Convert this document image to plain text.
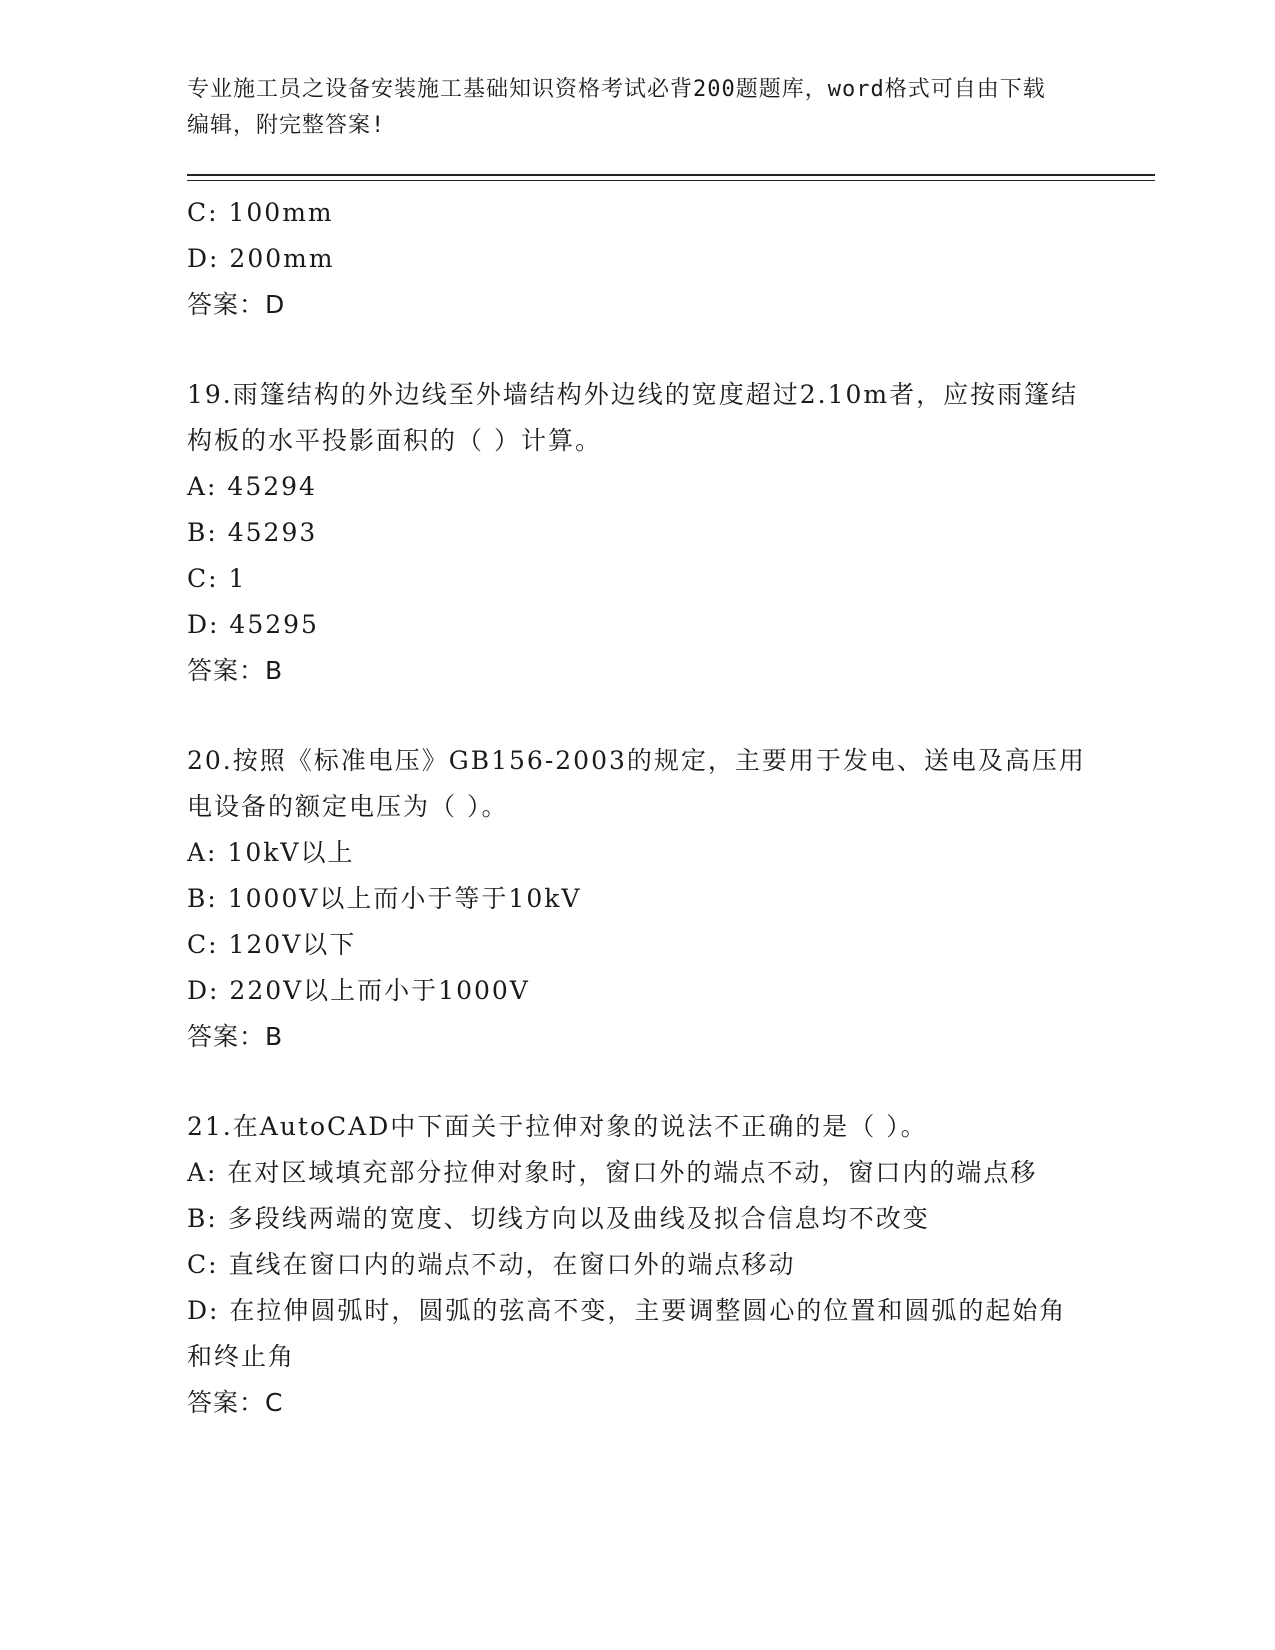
专业施工员之设备安装施工基础知识资格考试必背200题题库，word格式可自由下载编辑，附完整答案!
C: 100mm
D: 200mm
答案：D
19.雨篷结构的外边线至外墙结构外边线的宽度超过2.10m者，应按雨篷结构板的水平投影面积的（ ）计算。
A: 45294
B: 45293
C: 1
D: 45295
答案：B
20.按照《标准电压》GB156-2003的规定，主要用于发电、送电及高压用电设备的额定电压为（ ）。
A: 10kV以上
B: 1000V以上而小于等于10kV
C: 120V以下
D: 220V以上而小于1000V
答案：B
21.在AutoCAD中下面关于拉伸对象的说法不正确的是（ ）。
A: 在对区域填充部分拉伸对象时，窗口外的端点不动，窗口内的端点移
B: 多段线两端的宽度、切线方向以及曲线及拟合信息均不改变
C: 直线在窗口内的端点不动，在窗口外的端点移动
D: 在拉伸圆弧时，圆弧的弦高不变，主要调整圆心的位置和圆弧的起始角和终止角
答案：C
